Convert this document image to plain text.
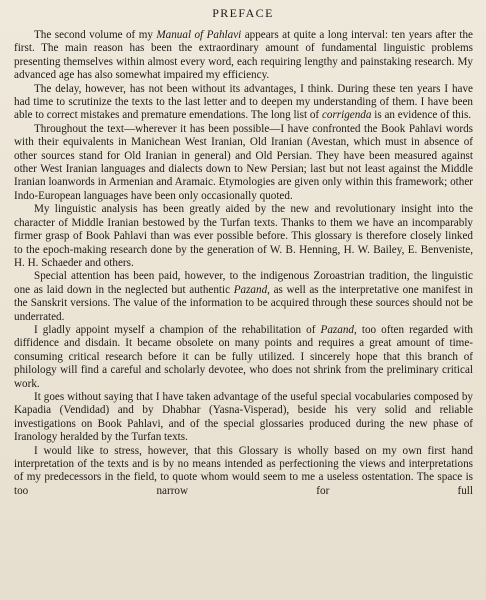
PREFACE

The second volume of my Manual of Pahlavi appears at quite a long interval: ten years after the first. The main reason has been the extraordinary amount of fundamental linguistic problems presenting themselves within almost every word, each requiring lengthy and painstaking research. My advanced age has also somewhat impaired my efficiency.

The delay, however, has not been without its advantages, I think. During these ten years I have had time to scrutinize the texts to the last letter and to deepen my understanding of them. I have been able to correct mistakes and premature emendations. The long list of corrigenda is an evidence of this.

Throughout the text—wherever it has been possible—I have confronted the Book Pahlavi words with their equivalents in Manichean West Iranian, Old Iranian (Avestan, which must in absence of other sources stand for Old Iranian in general) and Old Persian. They have been measured against other West Iranian languages and dialects down to New Persian; last but not least against the Middle Iranian loanwords in Armenian and Aramaic. Etymologies are given only within this framework; other Indo-European languages have been only occasionally quoted.

My linguistic analysis has been greatly aided by the new and revolutionary insight into the character of Middle Iranian bestowed by the Turfan texts. Thanks to them we have an incomparably firmer grasp of Book Pahlavi than was ever possible before. This glossary is therefore closely linked to the epoch-making research done by the generation of W. B. Henning, H. W. Bailey, E. Benveniste, H. H. Schaeder and others.

Special attention has been paid, however, to the indigenous Zoroastrian tradition, the linguistic one as laid down in the neglected but authentic Pazand, as well as the interpretative one manifest in the Sanskrit versions. The value of the information to be acquired through these sources should not be underrated.

I gladly appoint myself a champion of the rehabilitation of Pazand, too often regarded with diffidence and disdain. It became obsolete on many points and requires a great amount of time-consuming critical research before it can be fully utilized. I sincerely hope that this branch of philology will find a careful and scholarly devotee, who does not shrink from the preliminary critical work.

It goes without saying that I have taken advantage of the useful special vocabularies composed by Kapadia (Vendidad) and by Dhabhar (Yasna-Visperad), beside his very solid and reliable investigations on Book Pahlavi, and of the special glossaries produced during the new phase of Iranology heralded by the Turfan texts.

I would like to stress, however, that this Glossary is wholly based on my own first hand interpretation of the texts and is by no means intended as perfectioning the views and interpretations of my predecessors in the field, to quote whom would seem to me a useless ostentation. The space is too narrow for full
